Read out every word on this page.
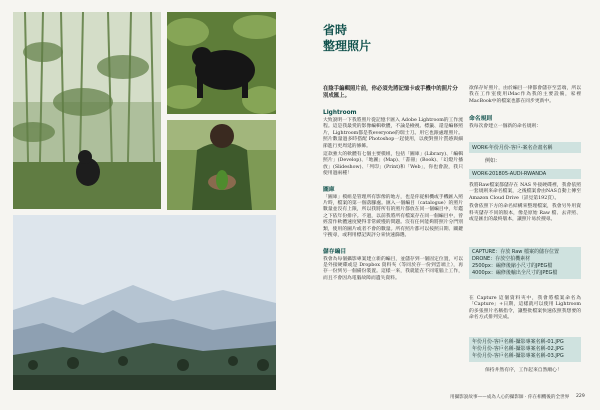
省時
整理照片
在陰手編輯照片前，你必須先將記憶卡或手機中的照片分別成匯上。
Lightroom
大致說明一下我將照片從記憶卡匯入 Adobe Lightroom的工作流程。這是我最愛的影像編輯軟體，不論是檢視、標籤、還是編修照片，Lightroom都是我everyone的瑞士刀。用它也跟處理照片。照片數量過多時搭配 Photoshop一起使用，以便對照片質感與細節進行更周延的修飾。
這款強大的軟體有七個主要模組，包括「圖庫」(Library)、「編輯照片」(Develop)、「地圖」(Map)、「書冊」(Book)、「幻燈片播放」(Slideshow)、「列印」(Print)和「Web」，你也會說，我只使用過兩種！
圖庫
「圖庫」模組是管理所有影像的地方，也是你從相機或手機匯入照片時，檔案的第一個落腳處。匯入一個編目（catalogue）的照片數量並沒有上限，所以我將所有的照片都放在同一個編目中，年鑑之下依年份排序。不過，以前我將所有檔案存在同一個編目中，曾經當作軟體速度變得非常緩慢的問題。沒有任何能夠將照片分門別類，使用的圖片或者不會的數量。所有照片都可以按照日期、關鍵字搜尋，或利用標記與評分來快速篩選。
儲存編目
我會為每個攝影專案建立新的編目，並儲存到一個固定位置，可以是外接硬碟或是 Dropbox 資料夾（等同於存一份到雲端上），再存一份到另一個備份裝置。這樣一來，我就能在不同電腦上工作，而且不會因為電腦故障而遺失資料。
欲保存好照片，由於編目一律都會儲存至雲端，所以我在工作室使用iMac作為我的主要設備，家裡 MacBook中的檔案也都在同步更新中。
命名規則
我每次會建立一個新的命名規則：
WORK-年份月份-客戶-案名企畫名稱
例如：
WORK-201805-AUDI-RWANDA
我將Raw檔案都儲存在 NAS 外接硬碟裡，我會依照一套規則來命名檔案，之後檔案會由NAS自動上傳至Amazon Cloud Drive（詳見第192頁）。
我會依照下方的命名結構來整理檔案，我會另外用資料夾儲存不同的版本，像是原始 Raw 檔、去背照、或是匯出的最終版本，讓照片易於搜尋。
CAPTURE：存放 Raw 檔案的儲存位置
DRONE：存放空拍機素材
2500px：編修後縮小尺寸的JPEG檔
4000px：編修後輸出全尺寸的JPEG檔
在 Capture 這個資料夾中，我會將檔案命名為「Capture」+日期，這樣就可以使用 Lightroom 的多張照片名稱指令，讓整批檔案快速依照我想要的命名方式排列完成。
年份月份-客戶名稱-攝影專案名稱-01.JPG
年份月份-客戶名稱-攝影專案名稱-02.JPG
年份月份-客戶名稱-攝影專案名稱-03.JPG
保持井然有序，工作起來自然順心！
用攝影說故事——成為人心的攝影師 · 你在相機後的全世界 229
